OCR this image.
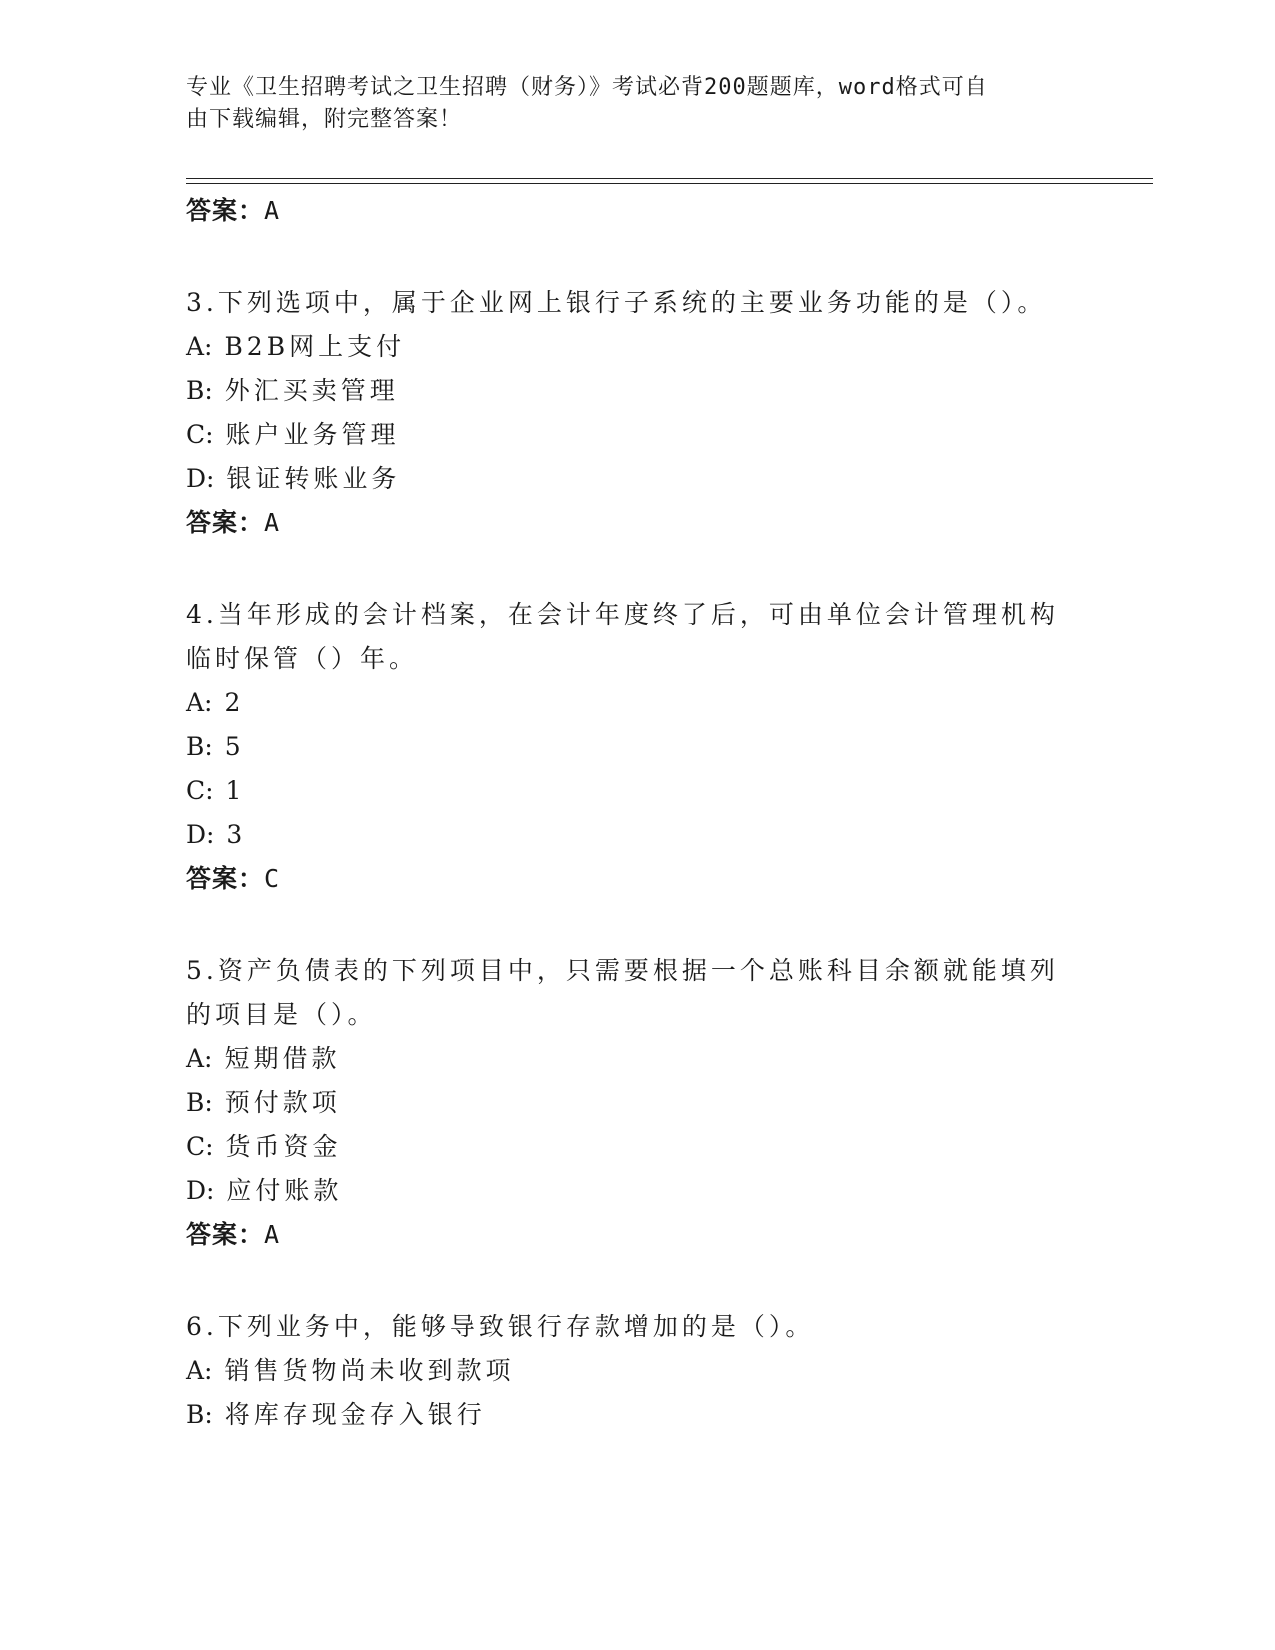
专业《卫生招聘考试之卫生招聘（财务）》考试必背200题题库，word格式可自
由下载编辑，附完整答案！
答案：A
3.下列选项中，属于企业网上银行子系统的主要业务功能的是（）。
A: B2B网上支付
B: 外汇买卖管理
C: 账户业务管理
D: 银证转账业务
答案：A
4.当年形成的会计档案，在会计年度终了后，可由单位会计管理机构
临时保管（）年。
A: 2
B: 5
C: 1
D: 3
答案：C
5.资产负债表的下列项目中，只需要根据一个总账科目余额就能填列
的项目是（）。
A: 短期借款
B: 预付款项
C: 货币资金
D: 应付账款
答案：A
6.下列业务中，能够导致银行存款增加的是（）。
A: 销售货物尚未收到款项
B: 将库存现金存入银行
